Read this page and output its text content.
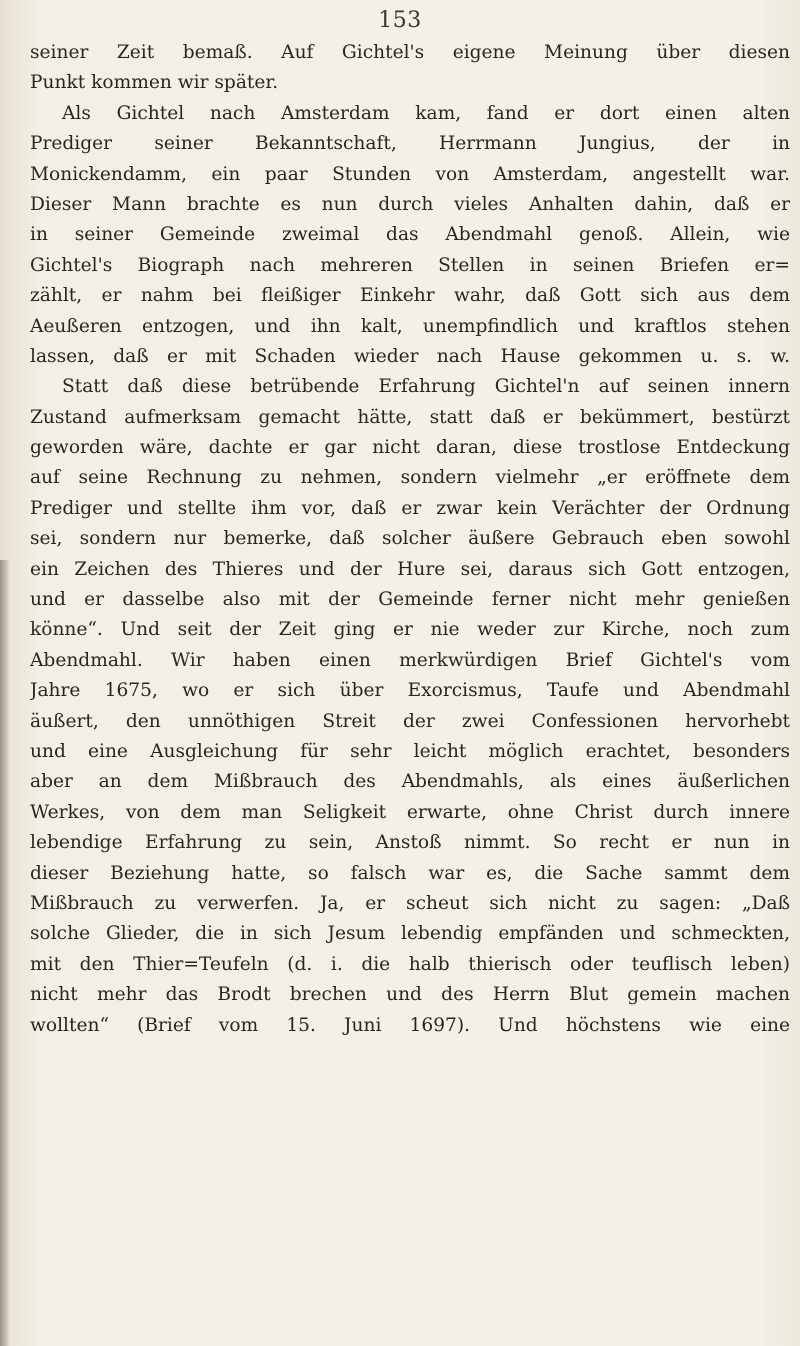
153
seiner Zeit bemaß. Auf Gichtel's eigene Meinung über diesen
Punkt kommen wir später.
Als Gichtel nach Amsterdam kam, fand er dort einen alten
Prediger seiner Bekanntschaft, Herrmann Jungius, der in
Monickendamm, ein paar Stunden von Amsterdam, angestellt war.
Dieser Mann brachte es nun durch vieles Anhalten dahin, daß er
in seiner Gemeinde zweimal das Abendmahl genoß. Allein, wie
Gichtel's Biograph nach mehreren Stellen in seinen Briefen er=
zählt, er nahm bei fleißiger Einkehr wahr, daß Gott sich aus dem
Aeußeren entzogen, und ihn kalt, unempfindlich und kraftlos stehen
lassen, daß er mit Schaden wieder nach Hause gekommen u. s. w.
Statt daß diese betrübende Erfahrung Gichtel'n auf seinen innern
Zustand aufmerksam gemacht hätte, statt daß er bekümmert, bestürzt
geworden wäre, dachte er gar nicht daran, diese trostlose Entdeckung
auf seine Rechnung zu nehmen, sondern vielmehr „er eröffnete dem
Prediger und stellte ihm vor, daß er zwar kein Verächter der Ordnung
sei, sondern nur bemerke, daß solcher äußere Gebrauch eben sowohl
ein Zeichen des Thieres und der Hure sei, daraus sich Gott entzogen,
und er dasselbe also mit der Gemeinde ferner nicht mehr genießen
könne“. Und seit der Zeit ging er nie weder zur Kirche, noch zum
Abendmahl. Wir haben einen merkwürdigen Brief Gichtel's vom
Jahre 1675, wo er sich über Exorcismus, Taufe und Abendmahl
äußert, den unnöthigen Streit der zwei Confessionen hervorhebt
und eine Ausgleichung für sehr leicht möglich erachtet, besonders
aber an dem Mißbrauch des Abendmahls, als eines äußerlichen
Werkes, von dem man Seligkeit erwarte, ohne Christ durch innere
lebendige Erfahrung zu sein, Anstoß nimmt. So recht er nun in
dieser Beziehung hatte, so falsch war es, die Sache sammt dem
Mißbrauch zu verwerfen. Ja, er scheut sich nicht zu sagen: „Daß
solche Glieder, die in sich Jesum lebendig empfänden und schmeckten,
mit den Thier=Teufeln (d. i. die halb thierisch oder teuflisch leben)
nicht mehr das Brodt brechen und des Herrn Blut gemein machen
wollten“ (Brief vom 15. Juni 1697). Und höchstens wie eine
